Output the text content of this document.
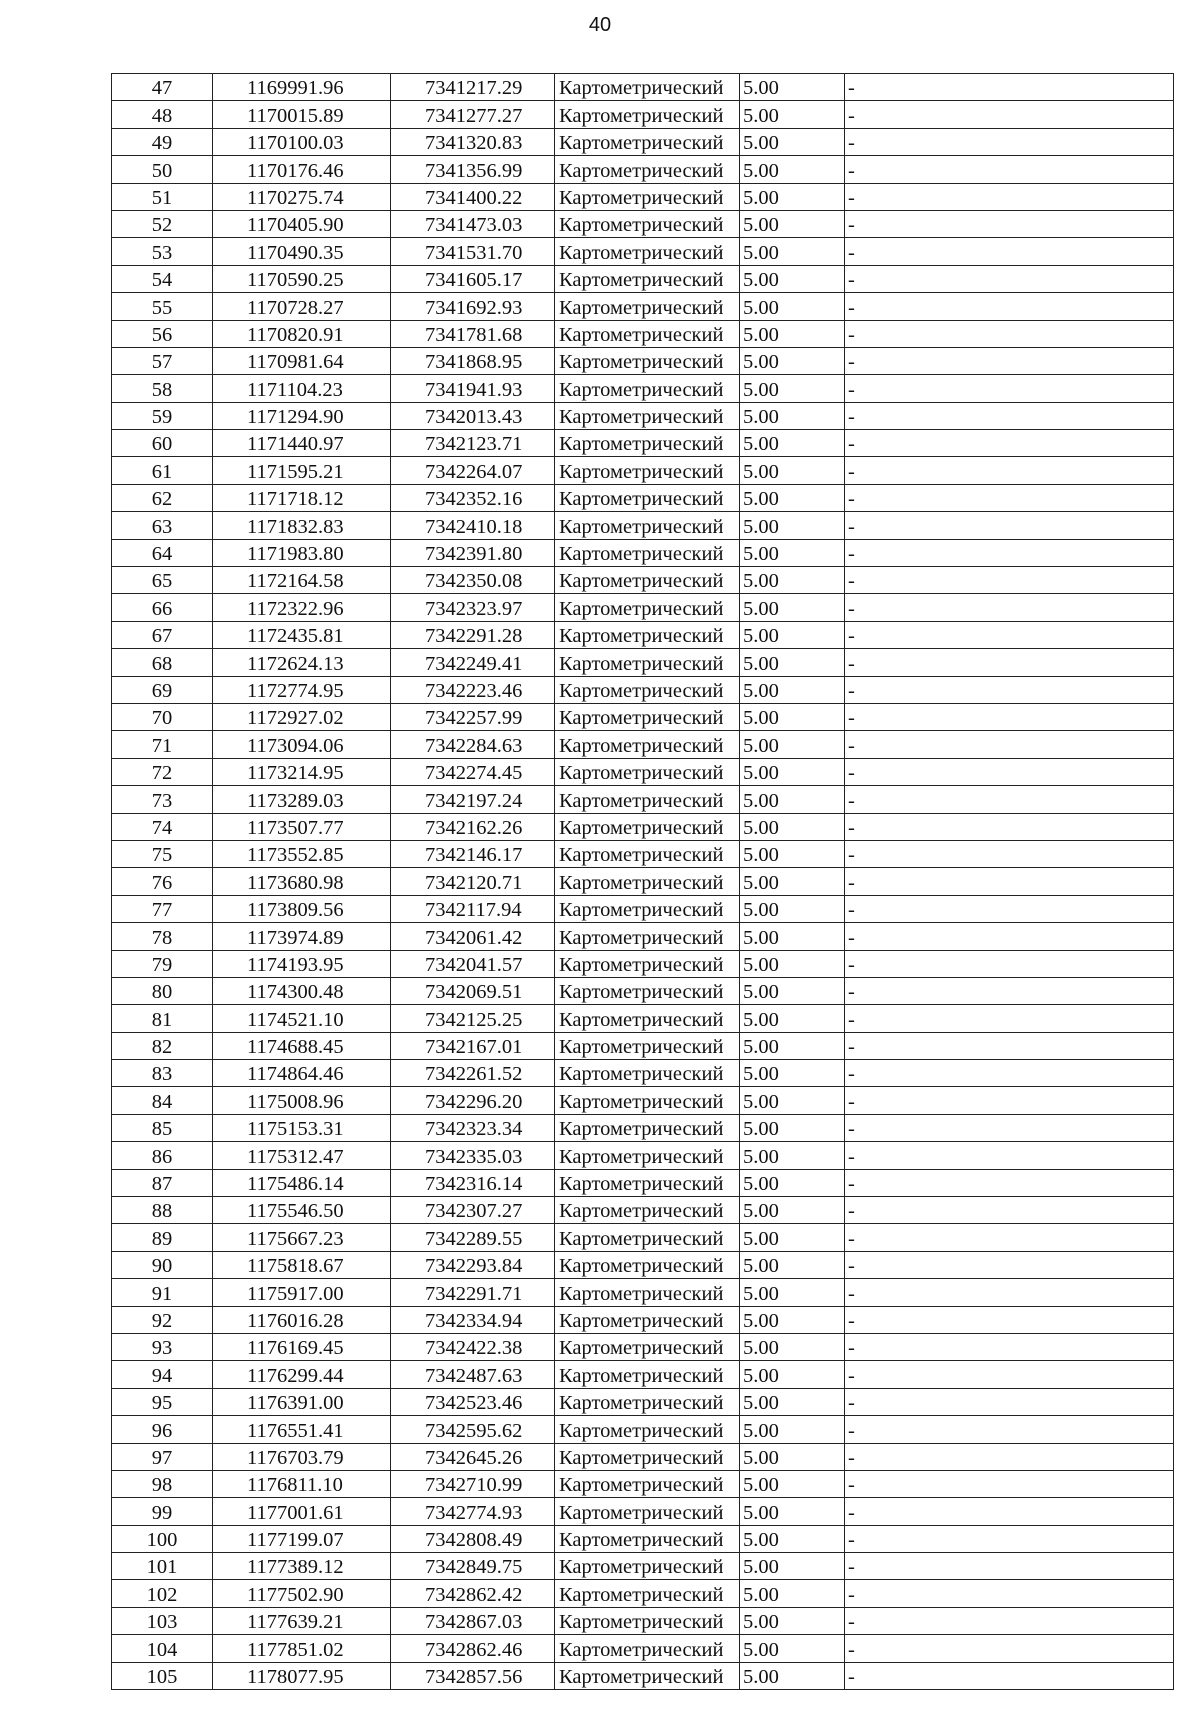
40
47	1169991.96	7341217.29	Картометрический	5.00	-
48	1170015.89	7341277.27	Картометрический	5.00	-
49	1170100.03	7341320.83	Картометрический	5.00	-
50	1170176.46	7341356.99	Картометрический	5.00	-
51	1170275.74	7341400.22	Картометрический	5.00	-
52	1170405.90	7341473.03	Картометрический	5.00	-
53	1170490.35	7341531.70	Картометрический	5.00	-
54	1170590.25	7341605.17	Картометрический	5.00	-
55	1170728.27	7341692.93	Картометрический	5.00	-
56	1170820.91	7341781.68	Картометрический	5.00	-
57	1170981.64	7341868.95	Картометрический	5.00	-
58	1171104.23	7341941.93	Картометрический	5.00	-
59	1171294.90	7342013.43	Картометрический	5.00	-
60	1171440.97	7342123.71	Картометрический	5.00	-
61	1171595.21	7342264.07	Картометрический	5.00	-
62	1171718.12	7342352.16	Картометрический	5.00	-
63	1171832.83	7342410.18	Картометрический	5.00	-
64	1171983.80	7342391.80	Картометрический	5.00	-
65	1172164.58	7342350.08	Картометрический	5.00	-
66	1172322.96	7342323.97	Картометрический	5.00	-
67	1172435.81	7342291.28	Картометрический	5.00	-
68	1172624.13	7342249.41	Картометрический	5.00	-
69	1172774.95	7342223.46	Картометрический	5.00	-
70	1172927.02	7342257.99	Картометрический	5.00	-
71	1173094.06	7342284.63	Картометрический	5.00	-
72	1173214.95	7342274.45	Картометрический	5.00	-
73	1173289.03	7342197.24	Картометрический	5.00	-
74	1173507.77	7342162.26	Картометрический	5.00	-
75	1173552.85	7342146.17	Картометрический	5.00	-
76	1173680.98	7342120.71	Картометрический	5.00	-
77	1173809.56	7342117.94	Картометрический	5.00	-
78	1173974.89	7342061.42	Картометрический	5.00	-
79	1174193.95	7342041.57	Картометрический	5.00	-
80	1174300.48	7342069.51	Картометрический	5.00	-
81	1174521.10	7342125.25	Картометрический	5.00	-
82	1174688.45	7342167.01	Картометрический	5.00	-
83	1174864.46	7342261.52	Картометрический	5.00	-
84	1175008.96	7342296.20	Картометрический	5.00	-
85	1175153.31	7342323.34	Картометрический	5.00	-
86	1175312.47	7342335.03	Картометрический	5.00	-
87	1175486.14	7342316.14	Картометрический	5.00	-
88	1175546.50	7342307.27	Картометрический	5.00	-
89	1175667.23	7342289.55	Картометрический	5.00	-
90	1175818.67	7342293.84	Картометрический	5.00	-
91	1175917.00	7342291.71	Картометрический	5.00	-
92	1176016.28	7342334.94	Картометрический	5.00	-
93	1176169.45	7342422.38	Картометрический	5.00	-
94	1176299.44	7342487.63	Картометрический	5.00	-
95	1176391.00	7342523.46	Картометрический	5.00	-
96	1176551.41	7342595.62	Картометрический	5.00	-
97	1176703.79	7342645.26	Картометрический	5.00	-
98	1176811.10	7342710.99	Картометрический	5.00	-
99	1177001.61	7342774.93	Картометрический	5.00	-
100	1177199.07	7342808.49	Картометрический	5.00	-
101	1177389.12	7342849.75	Картометрический	5.00	-
102	1177502.90	7342862.42	Картометрический	5.00	-
103	1177639.21	7342867.03	Картометрический	5.00	-
104	1177851.02	7342862.46	Картометрический	5.00	-
105	1178077.95	7342857.56	Картометрический	5.00	-
